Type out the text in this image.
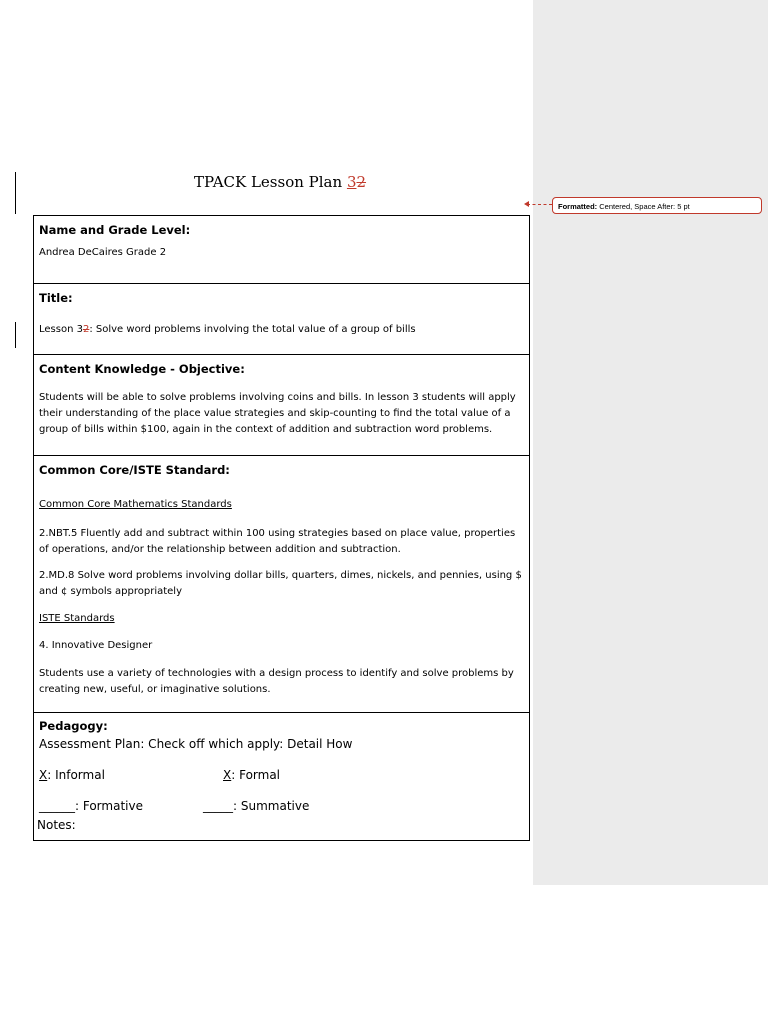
Formatted: Centered, Space After: 5 pt
TPACK Lesson Plan 32
Name and Grade Level:
Andrea DeCaires Grade 2
Title:
Lesson 32: Solve word problems involving the total value of a group of bills
Content Knowledge - Objective:
Students will be able to solve problems involving coins and bills. In lesson 3 students will apply
their understanding of the place value strategies and skip-counting to find the total value of a
group of bills within $100, again in the context of addition and subtraction word problems.
Common Core/ISTE Standard:
Common Core Mathematics Standards
2.NBT.5 Fluently add and subtract within 100 using strategies based on place value, properties
of operations, and/or the relationship between addition and subtraction.
2.MD.8 Solve word problems involving dollar bills, quarters, dimes, nickels, and pennies, using $
and ¢ symbols appropriately
ISTE Standards
4. Innovative Designer
Students use a variety of technologies with a design process to identify and solve problems by
creating new, useful, or imaginative solutions.
Pedagogy:
Assessment Plan: Check off which apply: Detail How
X: Informal	X: Formal
______: Formative	_____: Summative
Notes:
